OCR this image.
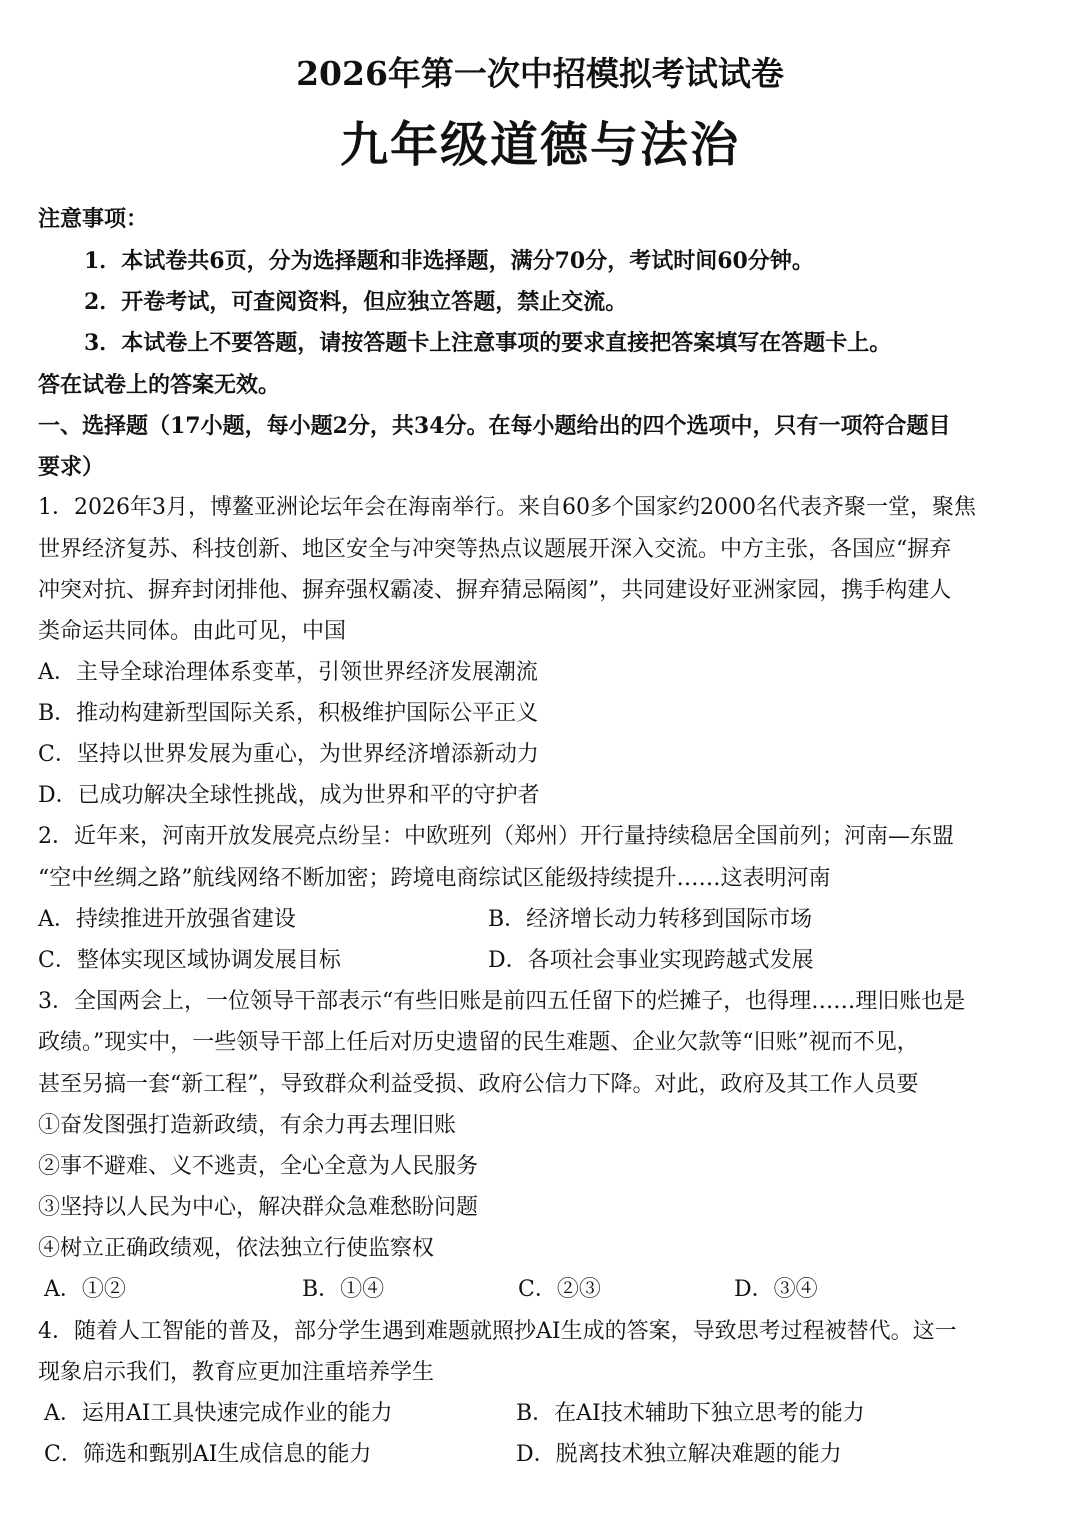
2026年第一次中招模拟考试试卷
九年级道德与法治
注意事项：
1．本试卷共6页，分为选择题和非选择题，满分70分，考试时间60分钟。
2．开卷考试，可查阅资料，但应独立答题，禁止交流。
3．本试卷上不要答题，请按答题卡上注意事项的要求直接把答案填写在答题卡上。
答在试卷上的答案无效。
一、选择题（17小题，每小题2分，共34分。在每小题给出的四个选项中，只有一项符合题目
要求）
1．2026年3月，博鳌亚洲论坛年会在海南举行。来自60多个国家约2000名代表齐聚一堂，聚焦
世界经济复苏、科技创新、地区安全与冲突等热点议题展开深入交流。中方主张，各国应“摒弃
冲突对抗、摒弃封闭排他、摒弃强权霸凌、摒弃猜忌隔阂”，共同建设好亚洲家园，携手构建人
类命运共同体。由此可见，中国
A．主导全球治理体系变革，引领世界经济发展潮流
B．推动构建新型国际关系，积极维护国际公平正义
C．坚持以世界发展为重心，为世界经济增添新动力
D．已成功解决全球性挑战，成为世界和平的守护者
2．近年来，河南开放发展亮点纷呈：中欧班列（郑州）开行量持续稳居全国前列；河南—东盟
“空中丝绸之路”航线网络不断加密；跨境电商综试区能级持续提升……这表明河南
A．持续推进开放强省建设	B．经济增长动力转移到国际市场
C．整体实现区域协调发展目标	D．各项社会事业实现跨越式发展
3．全国两会上，一位领导干部表示“有些旧账是前四五任留下的烂摊子，也得理……理旧账也是
政绩。”现实中，一些领导干部上任后对历史遗留的民生难题、企业欠款等“旧账”视而不见，
甚至另搞一套“新工程”，导致群众利益受损、政府公信力下降。对此，政府及其工作人员要
①奋发图强打造新政绩，有余力再去理旧账
②事不避难、义不逃责，全心全意为人民服务
③坚持以人民为中心，解决群众急难愁盼问题
④树立正确政绩观，依法独立行使监察权
A．①②	B．①④	C．②③	D．③④
4．随着人工智能的普及，部分学生遇到难题就照抄AI生成的答案，导致思考过程被替代。这一
现象启示我们，教育应更加注重培养学生
A．运用AI工具快速完成作业的能力	B．在AI技术辅助下独立思考的能力
C．筛选和甄别AI生成信息的能力	D．脱离技术独立解决难题的能力
